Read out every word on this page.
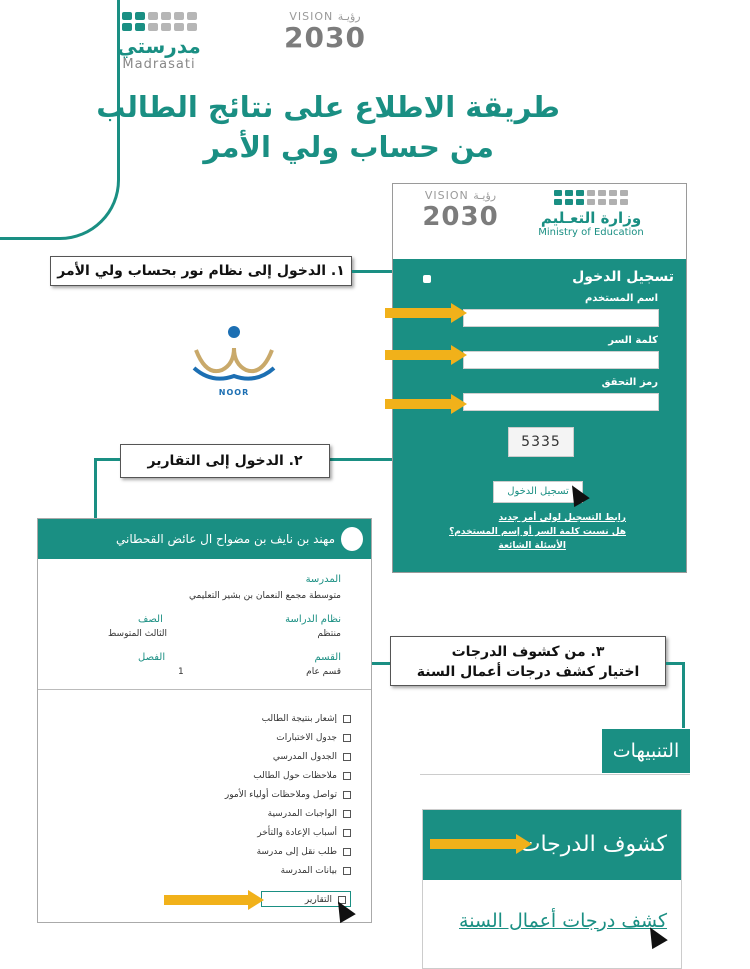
مدرستي
Madrasati
VISION رؤيـة
2030
طريقة الاطلاع على نتائج الطالب
من حساب ولي الأمر
١. الدخول إلى نظام نور بحساب ولي الأمر
VISION رؤيـة
2030	وزارة التعـليم
Ministry of Education
تسجيل الدخول
اسم المستخدم
كلمة السر
رمز التحقق
5335
تسجيل الدخول
رابط التسجيل لولي أمر جديد
هل نسيت كلمة السر أو إسم المستخدم؟
الأسئلة الشائعة
NOOR
٢. الدخول إلى التقارير
مهند بن نايف بن مضواح ال عائض القحطاني
المدرسة
متوسطة مجمع النعمان بن بشير التعليمي
نظام الدراسة
منتظم
الصف
الثالث المتوسط
القسم
قسم عام
الفصل
1
إشعار بنتيجة الطالب
جدول الاختبارات
الجدول المدرسي
ملاحظات حول الطالب
تواصل وملاحظات أولياء الأمور
الواجبات المدرسية
أسباب الإعادة والتأخر
طلب نقل إلى مدرسة
بيانات المدرسة
التقارير
٣. من كشوف الدرجات
اختيار كشف درجات أعمال السنة
التنبيهات
كشوف الدرجات
كشف درجات أعمال السنة
